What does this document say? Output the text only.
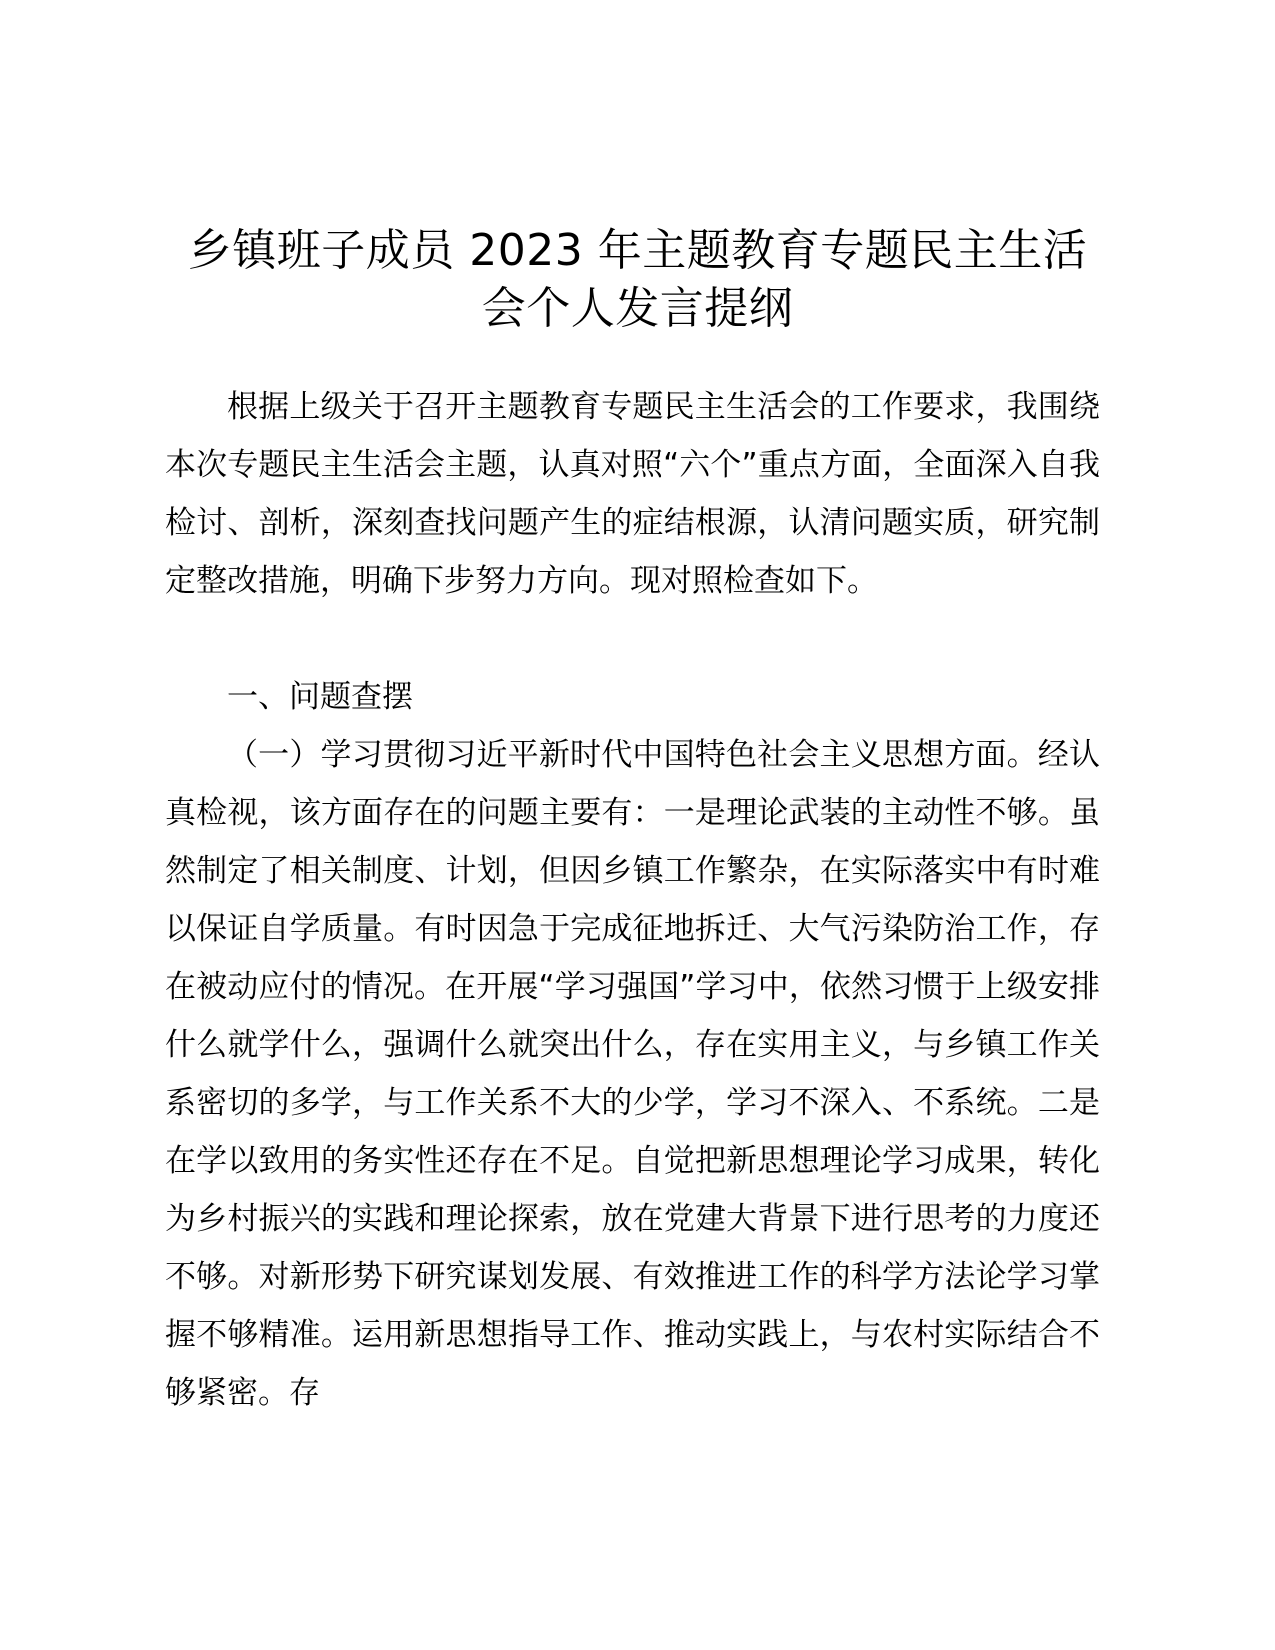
乡镇班子成员 2023 年主题教育专题民主生活
会个人发言提纲

根据上级关于召开主题教育专题民主生活会的工作要求，我围绕本次专题民主生活会主题，认真对照“六个”重点方面，全面深入自我检讨、剖析，深刻查找问题产生的症结根源，认清问题实质，研究制定整改措施，明确下步努力方向。现对照检查如下。

一、问题查摆

（一）学习贯彻习近平新时代中国特色社会主义思想方面。经认真检视，该方面存在的问题主要有：一是理论武装的主动性不够。虽然制定了相关制度、计划，但因乡镇工作繁杂，在实际落实中有时难以保证自学质量。有时因急于完成征地拆迁、大气污染防治工作，存在被动应付的情况。在开展“学习强国”学习中，依然习惯于上级安排什么就学什么，强调什么就突出什么，存在实用主义，与乡镇工作关系密切的多学，与工作关系不大的少学，学习不深入、不系统。二是在学以致用的务实性还存在不足。自觉把新思想理论学习成果，转化为乡村振兴的实践和理论探索，放在党建大背景下进行思考的力度还不够。对新形势下研究谋划发展、有效推进工作的科学方法论学习掌握不够精准。运用新思想指导工作、推动实践上，与农村实际结合不够紧密。存
